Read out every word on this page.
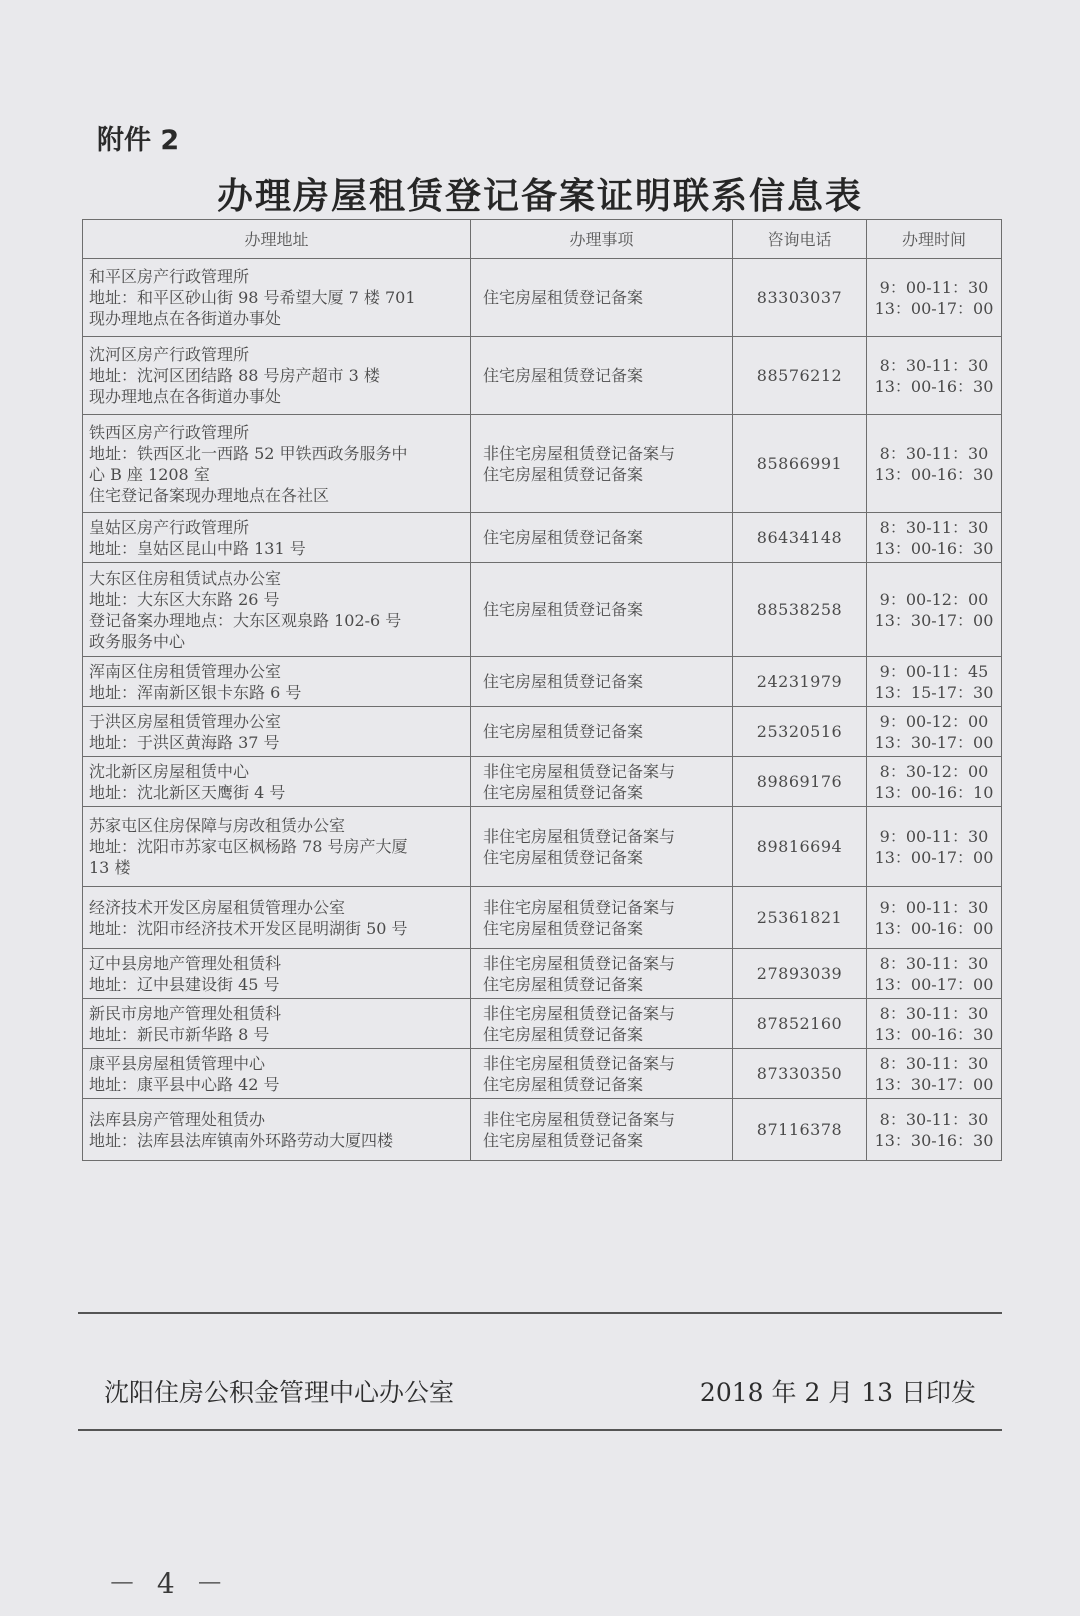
附件 2
办理房屋租赁登记备案证明联系信息表
办理地址	办理事项	咨询电话	办理时间

和平区房产行政管理所
地址：和平区砂山街 98 号希望大厦 7 楼 701
现办理地点在各街道办事处	住宅房屋租赁登记备案	83303037	9：00-11：30
13：00-17：00

沈河区房产行政管理所
地址：沈河区团结路 88 号房产超市 3 楼
现办理地点在各街道办事处	住宅房屋租赁登记备案	88576212	8：30-11：30
13：00-16：30

铁西区房产行政管理所
地址：铁西区北一西路 52 甲铁西政务服务中
心 B 座 1208 室
住宅登记备案现办理地点在各社区	非住宅房屋租赁登记备案与
住宅房屋租赁登记备案	85866991	8：30-11：30
13：00-16：30

皇姑区房产行政管理所
地址：皇姑区昆山中路 131 号	住宅房屋租赁登记备案	86434148	8：30-11：30
13：00-16：30

大东区住房租赁试点办公室
地址：大东区大东路 26 号
登记备案办理地点：大东区观泉路 102-6 号
政务服务中心	住宅房屋租赁登记备案	88538258	9：00-12：00
13：30-17：00

浑南区住房租赁管理办公室
地址：浑南新区银卡东路 6 号	住宅房屋租赁登记备案	24231979	9：00-11：45
13：15-17：30

于洪区房屋租赁管理办公室
地址：于洪区黄海路 37 号	住宅房屋租赁登记备案	25320516	9：00-12：00
13：30-17：00

沈北新区房屋租赁中心
地址：沈北新区天鹰街 4 号	非住宅房屋租赁登记备案与
住宅房屋租赁登记备案	89869176	8：30-12：00
13：00-16：10

苏家屯区住房保障与房改租赁办公室
地址：沈阳市苏家屯区枫杨路 78 号房产大厦
13 楼	非住宅房屋租赁登记备案与
住宅房屋租赁登记备案	89816694	9：00-11：30
13：00-17：00

经济技术开发区房屋租赁管理办公室
地址：沈阳市经济技术开发区昆明湖街 50 号	非住宅房屋租赁登记备案与
住宅房屋租赁登记备案	25361821	9：00-11：30
13：00-16：00

辽中县房地产管理处租赁科
地址：辽中县建设街 45 号	非住宅房屋租赁登记备案与
住宅房屋租赁登记备案	27893039	8：30-11：30
13：00-17：00

新民市房地产管理处租赁科
地址：新民市新华路 8 号	非住宅房屋租赁登记备案与
住宅房屋租赁登记备案	87852160	8：30-11：30
13：00-16：30

康平县房屋租赁管理中心
地址：康平县中心路 42 号	非住宅房屋租赁登记备案与
住宅房屋租赁登记备案	87330350	8：30-11：30
13：30-17：00

法库县房产管理处租赁办
地址：法库县法库镇南外环路劳动大厦四楼	非住宅房屋租赁登记备案与
住宅房屋租赁登记备案	87116378	8：30-11：30
13：30-16：30
沈阳住房公积金管理中心办公室	2018 年 2 月 13 日印发
－ 4 －
